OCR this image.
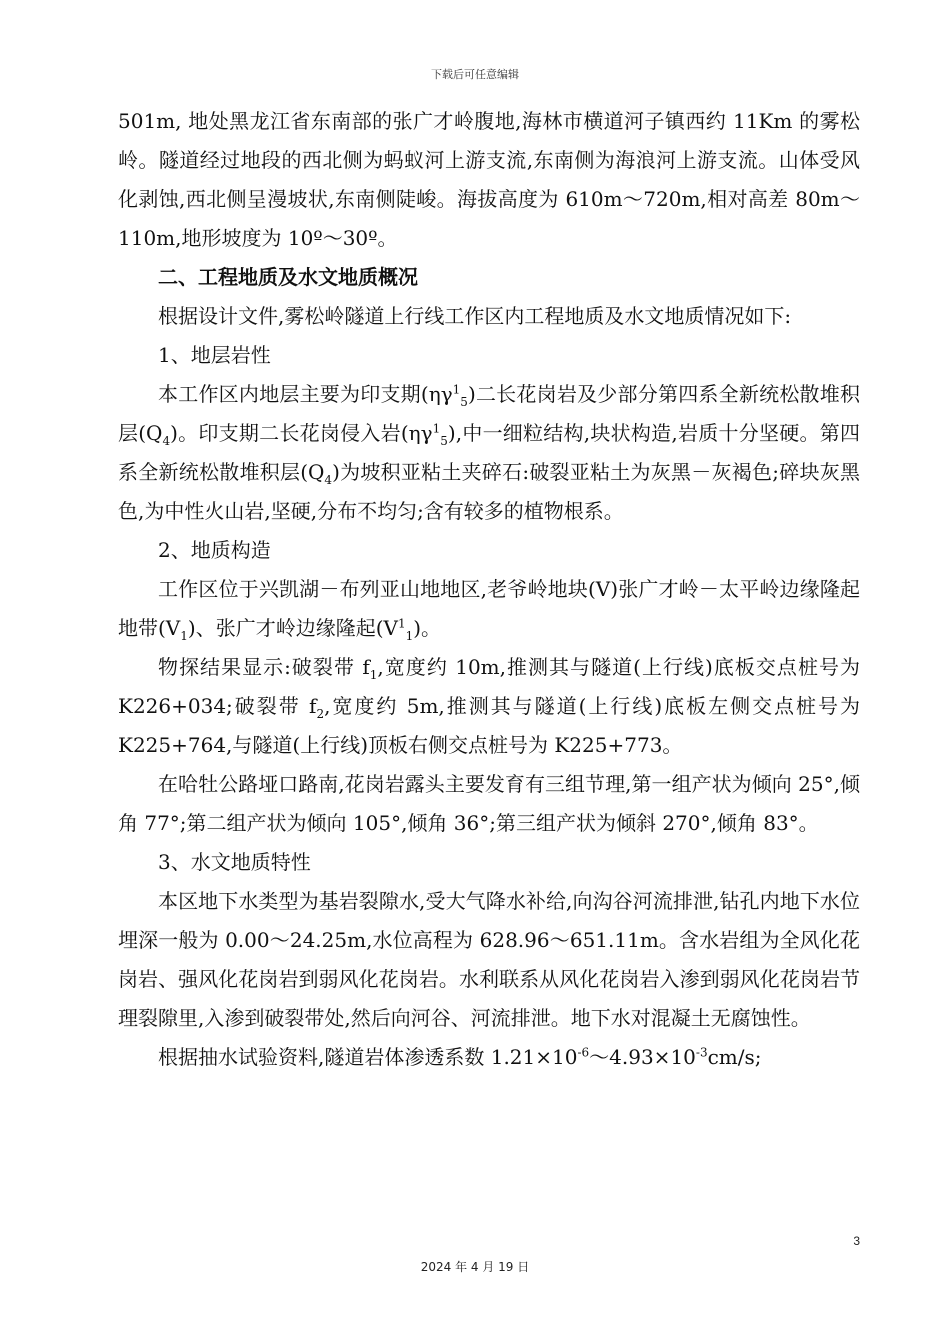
下载后可任意编辑

501m, 地处黑龙江省东南部的张广才岭腹地,海林市横道河子镇西约 11Km 的雾松岭。隧道经过地段的西北侧为蚂蚁河上游支流,东南侧为海浪河上游支流。山体受风化剥蚀,西北侧呈漫坡状,东南侧陡峻。海拔高度为 610m～720m,相对高差 80m～110m,地形坡度为 10º～30º。

二、工程地质及水文地质概况

根据设计文件,雾松岭隧道上行线工作区内工程地质及水文地质情况如下:

1、地层岩性

本工作区内地层主要为印支期$(\eta\gamma^1_5)$二长花岗岩及少部分第四系全新统松散堆积层$(Q_4)$。印支期二长花岗侵入岩$(\eta\gamma^1_5)$,中一细粒结构,块状构造,岩质十分坚硬。第四系全新统松散堆积层$(Q_4)$为坡积亚粘土夹碎石:破裂亚粘土为灰黑－灰褐色;碎块灰黑色,为中性火山岩,坚硬,分布不均匀;含有较多的植物根系。

2、地质构造

工作区位于兴凯湖－布列亚山地地区,老爷岭地块(V)张广才岭－太平岭边缘隆起地带$(V_1)$、张广才岭边缘隆起$(V^1_1)$。

物探结果显示:破裂带 $f_1$,宽度约 10m,推测其与隧道(上行线)底板交点桩号为 K226+034;破裂带 $f_2$,宽度约 5m,推测其与隧道(上行线)底板左侧交点桩号为 K225+764,与隧道(上行线)顶板右侧交点桩号为 K225+773。

在哈牡公路垭口路南,花岗岩露头主要发育有三组节理,第一组产状为倾向 25°,倾角 77°;第二组产状为倾向 105°,倾角 36°;第三组产状为倾斜 270°,倾角 83°。

3、水文地质特性

本区地下水类型为基岩裂隙水,受大气降水补给,向沟谷河流排泄,钻孔内地下水位埋深一般为 0.00～24.25m,水位高程为 628.96～651.11m。含水岩组为全风化花岗岩、强风化花岗岩到弱风化花岗岩。水利联系从风化花岗岩入渗到弱风化花岗岩节理裂隙里,入渗到破裂带处,然后向河谷、河流排泄。地下水对混凝土无腐蚀性。

根据抽水试验资料,隧道岩体渗透系数 $1.21\times 10^{-6}\sim 4.93\times 10^{-3}cm/s$;

3
2024 年 4 月 19 日
